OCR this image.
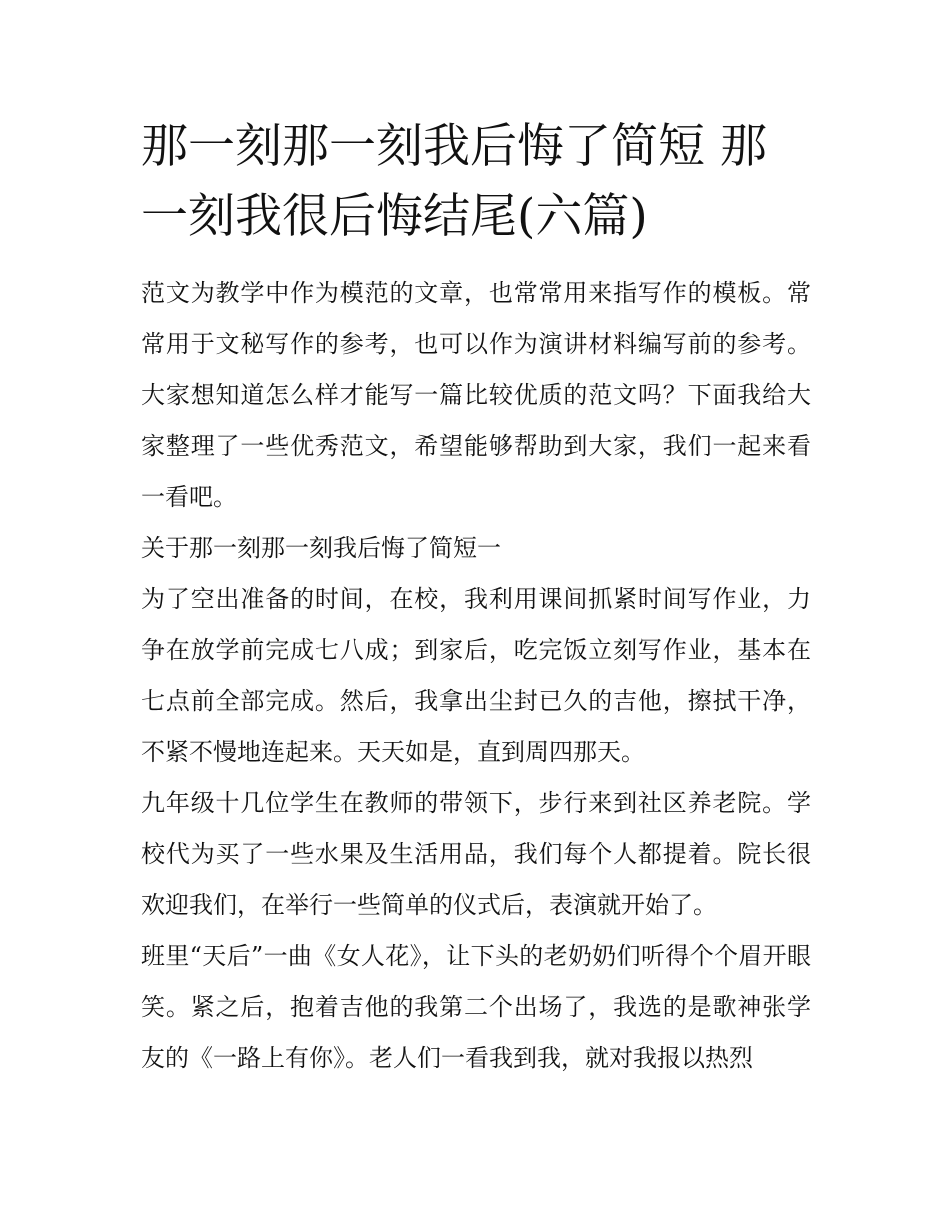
那一刻那一刻我后悔了简短 那一刻我很后悔结尾(六篇)

范文为教学中作为模范的文章，也常常用来指写作的模板。常常用于文秘写作的参考，也可以作为演讲材料编写前的参考。大家想知道怎么样才能写一篇比较优质的范文吗？下面我给大家整理了一些优秀范文，希望能够帮助到大家，我们一起来看一看吧。

关于那一刻那一刻我后悔了简短一

为了空出准备的时间，在校，我利用课间抓紧时间写作业，力争在放学前完成七八成；到家后，吃完饭立刻写作业，基本在七点前全部完成。然后，我拿出尘封已久的吉他，擦拭干净，不紧不慢地连起来。天天如是，直到周四那天。

九年级十几位学生在教师的带领下，步行来到社区养老院。学校代为买了一些水果及生活用品，我们每个人都提着。院长很欢迎我们，在举行一些简单的仪式后，表演就开始了。

班里“天后”一曲《女人花》，让下头的老奶奶们听得个个眉开眼笑。紧之后，抱着吉他的我第二个出场了，我选的是歌神张学友的《一路上有你》。老人们一看我到我，就对我报以热烈
